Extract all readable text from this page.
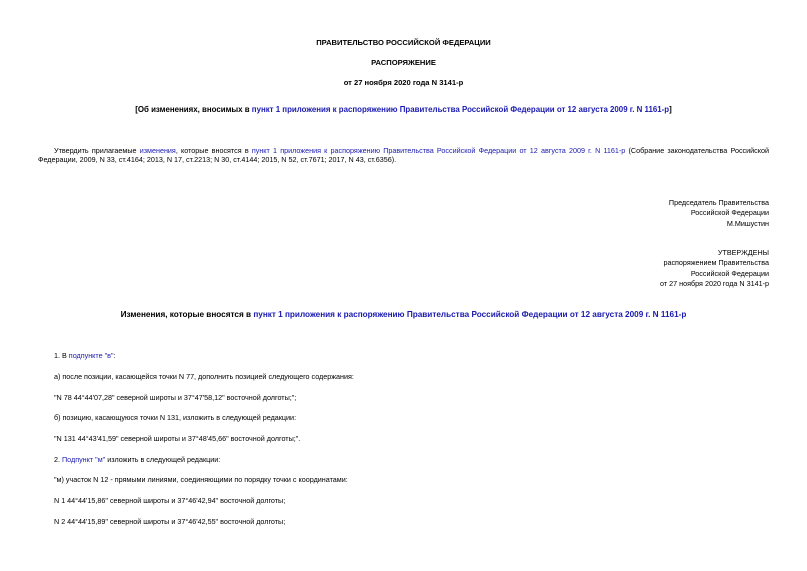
ПРАВИТЕЛЬСТВО РОССИЙСКОЙ ФЕДЕРАЦИИ
РАСПОРЯЖЕНИЕ
от 27 ноября 2020 года N 3141-р
[Об изменениях, вносимых в пункт 1 приложения к распоряжению Правительства Российской Федерации от 12 августа 2009 г. N 1161-р]
Утвердить прилагаемые изменения, которые вносятся в пункт 1 приложения к распоряжению Правительства Российской Федерации от 12 августа 2009 г. N 1161-р (Собрание законодательства Российской Федерации, 2009, N 33, ст.4164; 2013, N 17, ст.2213; N 30, ст.4144; 2015, N 52, ст.7671; 2017, N 43, ст.6356).
Председатель Правительства
Российской Федерации
М.Мишустин
УТВЕРЖДЕНЫ
распоряжением Правительства
Российской Федерации
от 27 ноября 2020 года N 3141-р
Изменения, которые вносятся в пункт 1 приложения к распоряжению Правительства Российской Федерации от 12 августа 2009 г. N 1161-р
1. В подпункте "в":
а) после позиции, касающейся точки N 77, дополнить позицией следующего содержания:
"N 78 44°44'07,28" северной широты и 37°47'58,12" восточной долготы;";
б) позицию, касающуюся точки N 131, изложить в следующей редакции:
"N 131 44°43'41,59" северной широты и 37°48'45,66" восточной долготы;".
2. Подпункт "м" изложить в следующей редакции:
"м) участок N 12 - прямыми линиями, соединяющими по порядку точки с координатами:
N 1 44°44'15,86" северной широты и 37°46'42,94" восточной долготы;
N 2 44°44'15,89" северной широты и 37°46'42,55" восточной долготы;
